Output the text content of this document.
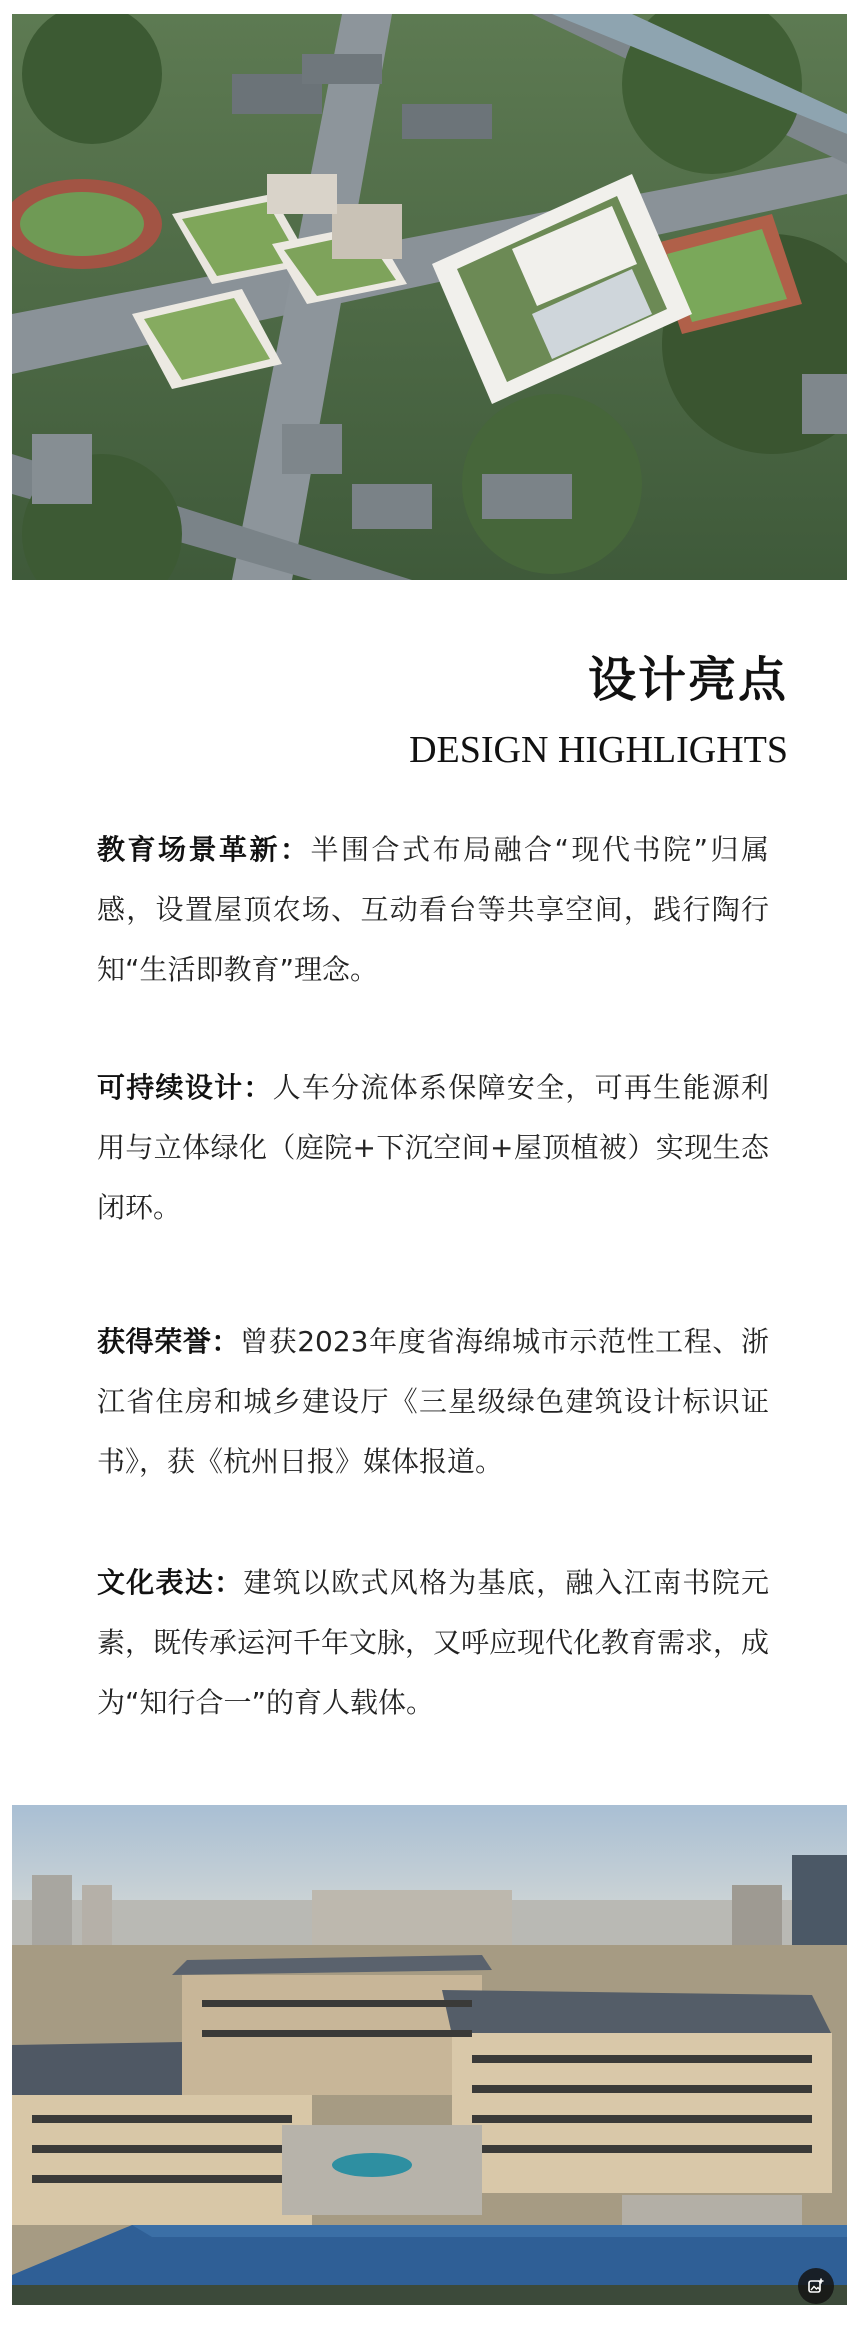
设计亮点
DESIGN HIGHLIGHTS
教育场景革新：半围合式布局融合“现代书院”归属感，设置屋顶农场、互动看台等共享空间，践行陶行知“生活即教育”理念。
可持续设计：人车分流体系保障安全，可再生能源利用与立体绿化（庭院+下沉空间+屋顶植被）实现生态闭环。
获得荣誉：曾获2023年度省海绵城市示范性工程、浙江省住房和城乡建设厅《三星级绿色建筑设计标识证书》，获《杭州日报》媒体报道。
文化表达：建筑以欧式风格为基底，融入江南书院元素，既传承运河千年文脉，又呼应现代化教育需求，成为“知行合一”的育人载体。
